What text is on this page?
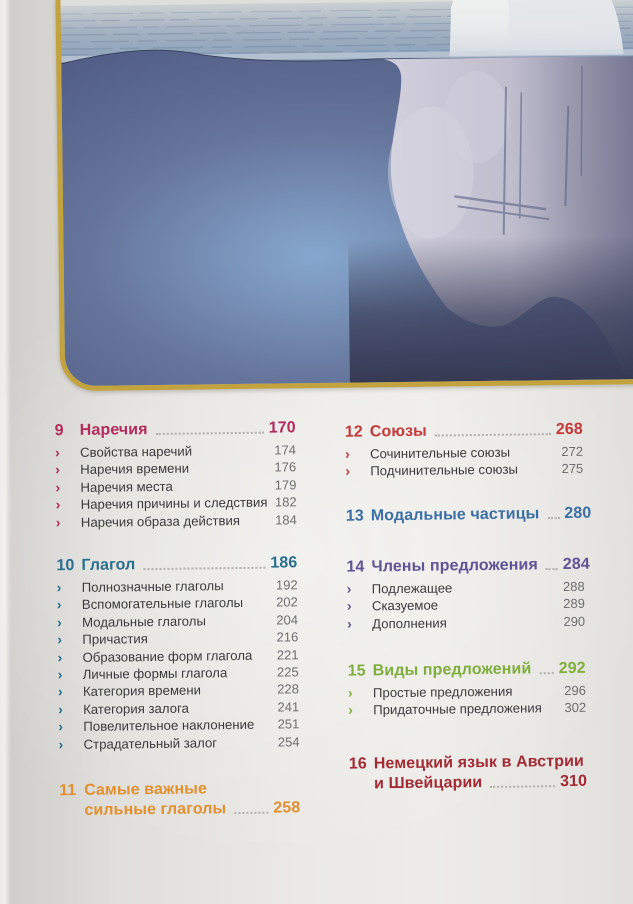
9 Наречия	170
›	Свойства наречий	174
›	Наречия времени	176
›	Наречия места	179
›	Наречия причины и следствия 182
›	Наречия образа действия	184
10 Глагол	186
›	Полнозначные глаголы	192
›	Вспомогательные глаголы	202
›	Модальные глаголы	204
›	Причастия	216
›	Образование форм глагола	221
›	Личные формы глагола	225
›	Категория времени	228
›	Категория залога	241
›	Повелительное наклонение	251
›	Страдательный залог	254
11 Самые важные
сильные глаголы	258
12 Союзы	268
›	Сочинительные союзы	272
›	Подчинительные союзы	275
13 Модальные частицы 280
14 Члены предложения 284
›	Подлежащее	288
›	Сказуемое	289
›	Дополнения	290
15 Виды предложений 292
›	Простые предложения	296
›	Придаточные предложения	302
16 Немецкий язык в Австрии
и Швейцарии	310
